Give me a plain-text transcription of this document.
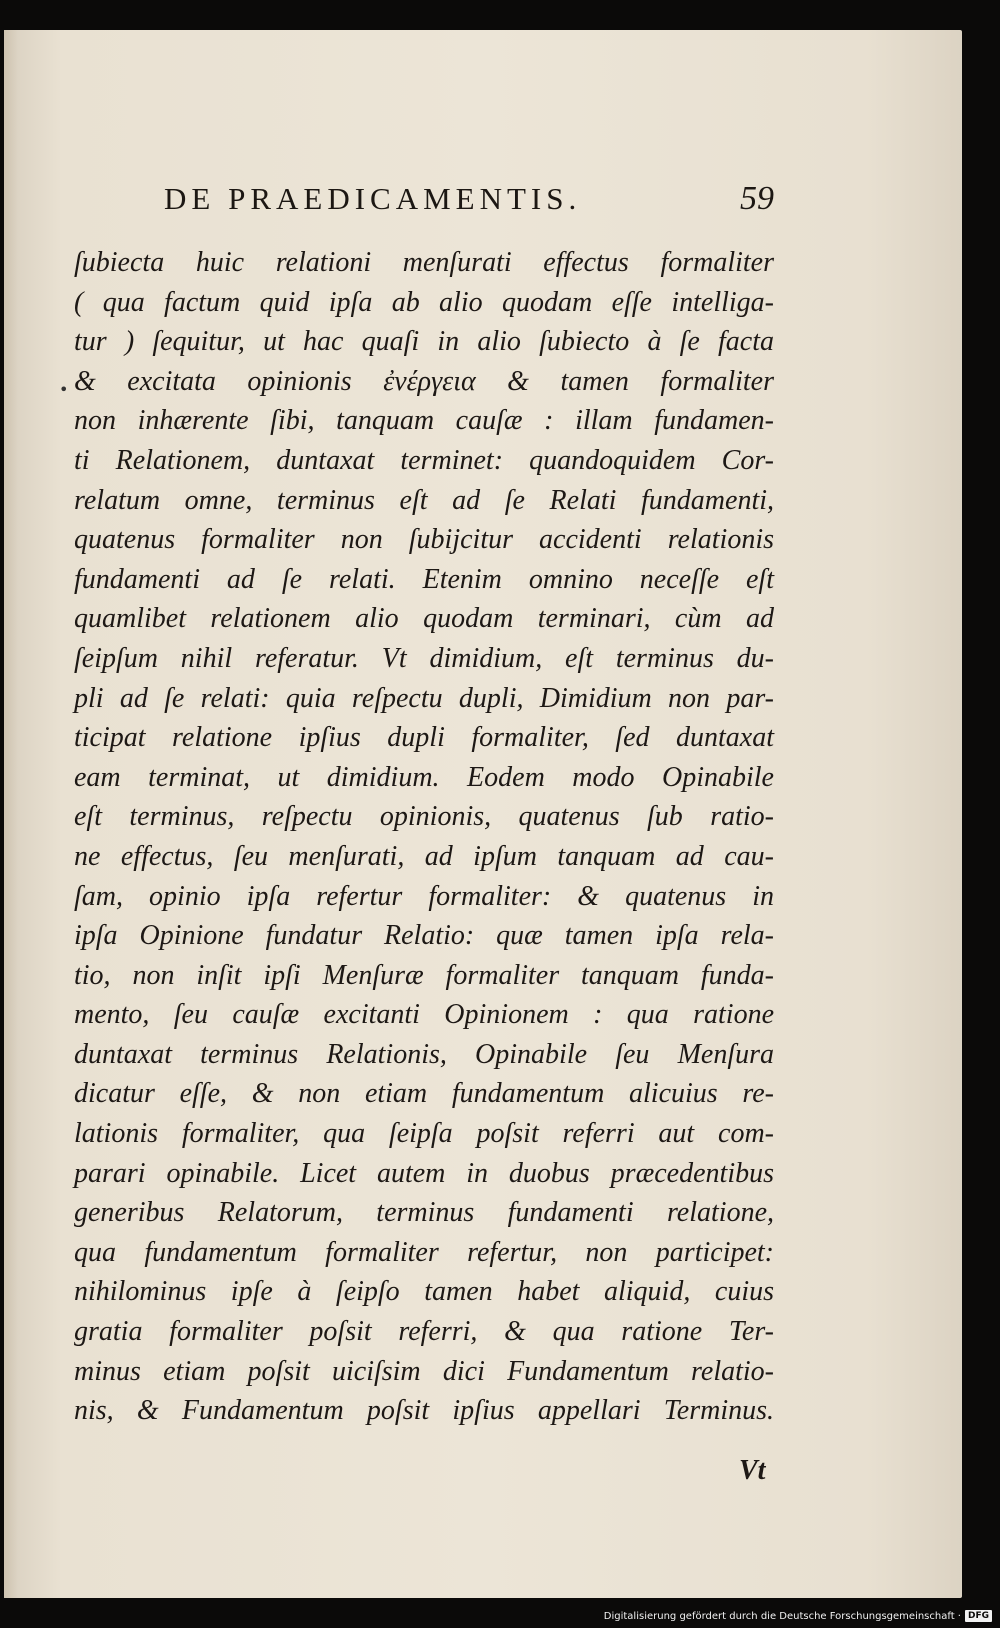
DE PRAEDICAMENTIS.	59
•
ſubiecta huic relationi menſurati effectus formaliter
( qua factum quid ipſa ab alio quodam eſſe intelliga-
tur ) ſequitur, ut hac quaſi in alio ſubiecto à ſe facta
& excitata opinionis ἐνέργεια & tamen formaliter
non inhærente ſibi, tanquam cauſæ : illam fundamen-
ti Relationem, duntaxat terminet: quandoquidem Cor-
relatum omne, terminus eſt ad ſe Relati fundamenti,
quatenus formaliter non ſubijcitur accidenti relationis
fundamenti ad ſe relati. Etenim omnino neceſſe eſt
quamlibet relationem alio quodam terminari, cùm ad
ſeipſum nihil referatur. Vt dimidium, eſt terminus du-
pli ad ſe relati: quia reſpectu dupli, Dimidium non par-
ticipat relatione ipſius dupli formaliter, ſed duntaxat
eam terminat, ut dimidium. Eodem modo Opinabile
eſt terminus, reſpectu opinionis, quatenus ſub ratio-
ne effectus, ſeu menſurati, ad ipſum tanquam ad cau-
ſam, opinio ipſa refertur formaliter: & quatenus in
ipſa Opinione fundatur Relatio: quæ tamen ipſa rela-
tio, non inſit ipſi Menſuræ formaliter tanquam funda-
mento, ſeu cauſæ excitanti Opinionem : qua ratione
duntaxat terminus Relationis, Opinabile ſeu Menſura
dicatur eſſe, & non etiam fundamentum alicuius re-
lationis formaliter, qua ſeipſa poſsit referri aut com-
parari opinabile. Licet autem in duobus præcedentibus
generibus Relatorum, terminus fundamenti relatione,
qua fundamentum formaliter refertur, non participet:
nihilominus ipſe à ſeipſo tamen habet aliquid, cuius
gratia formaliter poſsit referri, & qua ratione Ter-
minus etiam poſsit uiciſsim dici Fundamentum relatio-
nis, & Fundamentum poſsit ipſius appellari Terminus.
Vt
Digitalisierung gefördert durch die Deutsche Forschungsgemeinschaft · DFG
